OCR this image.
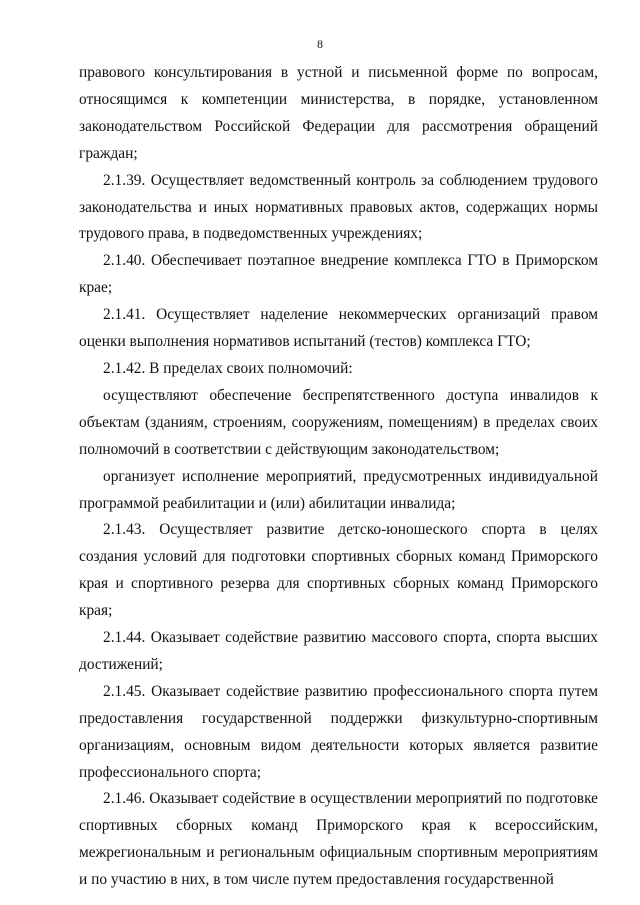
8

правового консультирования в устной и письменной форме по вопросам, относящимся к компетенции министерства, в порядке, установленном законодательством Российской Федерации для рассмотрения обращений граждан;

2.1.39. Осуществляет ведомственный контроль за соблюдением трудового законодательства и иных нормативных правовых актов, содержащих нормы трудового права, в подведомственных учреждениях;

2.1.40. Обеспечивает поэтапное внедрение комплекса ГТО в Приморском крае;

2.1.41. Осуществляет наделение некоммерческих организаций правом оценки выполнения нормативов испытаний (тестов) комплекса ГТО;

2.1.42. В пределах своих полномочий:

осуществляют обеспечение беспрепятственного доступа инвалидов к объектам (зданиям, строениям, сооружениям, помещениям) в пределах своих полномочий в соответствии с действующим законодательством;

организует исполнение мероприятий, предусмотренных индивидуальной программой реабилитации и (или) абилитации инвалида;

2.1.43. Осуществляет развитие детско-юношеского спорта в целях создания условий для подготовки спортивных сборных команд Приморского края и спортивного резерва для спортивных сборных команд Приморского края;

2.1.44. Оказывает содействие развитию массового спорта, спорта высших достижений;

2.1.45. Оказывает содействие развитию профессионального спорта путем предоставления государственной поддержки физкультурно-спортивным организациям, основным видом деятельности которых является развитие профессионального спорта;

2.1.46. Оказывает содействие в осуществлении мероприятий по подготовке спортивных сборных команд Приморского края к всероссийским, межрегиональным и региональным официальным спортивным мероприятиям и по участию в них, в том числе путем предоставления государственной
